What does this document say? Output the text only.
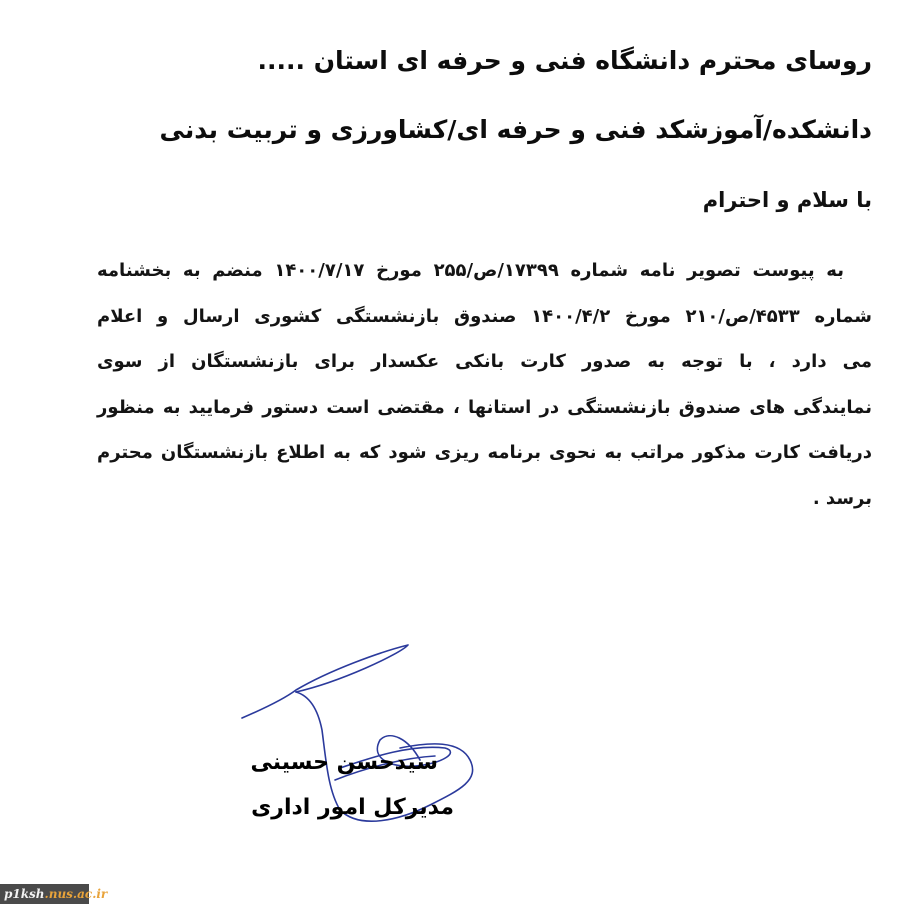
روسای محترم دانشگاه فنی و حرفه ای استان .....
دانشکده/آموزشکد فنی و حرفه ای/کشاورزی و تربیت بدنی
با سلام و احترام
به پیوست تصویر نامه شماره ۱۷۳۹۹/ص/۲۵۵ مورخ ۱۴۰۰/۷/۱۷ منضم به بخشنامه
شماره ۴۵۳۳/ص/۲۱۰ مورخ ۱۴۰۰/۴/۲ صندوق بازنشستگی کشوری ارسال و اعلام
می دارد ، با توجه به صدور کارت بانکی عکسدار برای بازنشستگان از سوی
نمایندگی های صندوق بازنشستگی در استانها ، مقتضی است دستور فرمایید به منظور
دریافت کارت مذکور مراتب به نحوی برنامه ریزی شود که به اطلاع بازنشستگان محترم
برسد .
سیدحسن حسینی
مدیرکل امور اداری
p1ksh.nus.ac.ir
